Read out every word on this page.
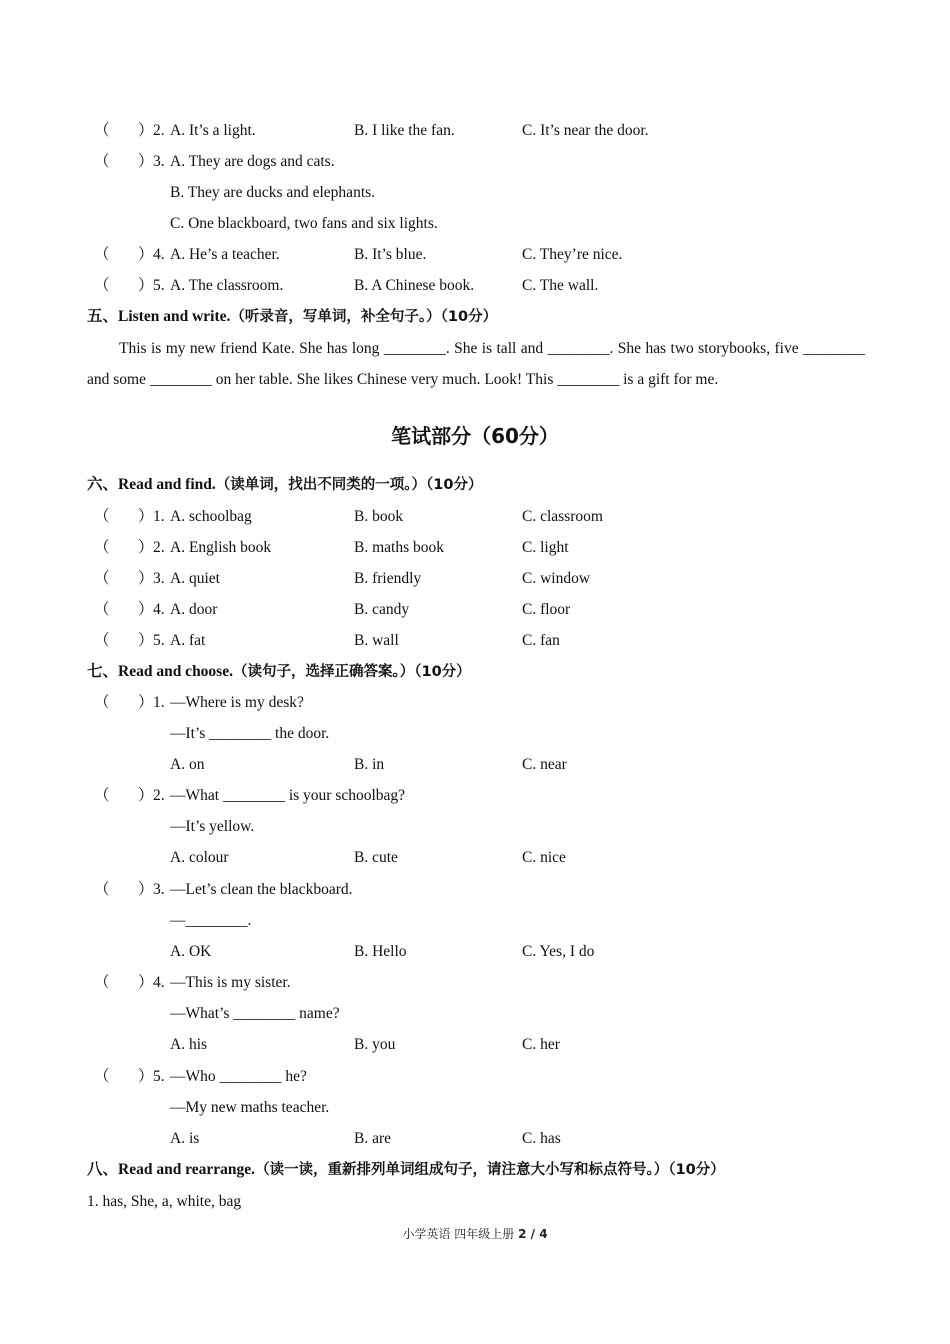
（ ） 2. A. It’s a light.	B. I like the fan.	C. It’s near the door.
（ ） 3. A. They are dogs and cats.
B. They are ducks and elephants.
C. One blackboard, two fans and six lights.
（ ） 4. A. He’s a teacher.	B. It’s blue.	C. They’re nice.
（ ） 5. A. The classroom.	B. A Chinese book.	C. The wall.
五、Listen and write.（听录音，写单词，补全句子。）（10分）
This is my new friend Kate. She has long ________. She is tall and ________. She has two storybooks, five ________ and some ________ on her table. She likes Chinese very much. Look! This ________ is a gift for me.
笔试部分（60分）
六、Read and find.（读单词，找出不同类的一项。）（10分）
（ ） 1. A. schoolbag	B. book	C. classroom
（ ） 2. A. English book	B. maths book	C. light
（ ） 3. A. quiet	B. friendly	C. window
（ ） 4. A. door	B. candy	C. floor
（ ） 5. A. fat	B. wall	C. fan
七、Read and choose.（读句子，选择正确答案。）（10分）
（ ） 1. —Where is my desk?
—It’s ________ the door.
A. on	B. in	C. near
（ ） 2. —What ________ is your schoolbag?
—It’s yellow.
A. colour	B. cute	C. nice
（ ） 3. —Let’s clean the blackboard.
—________.
A. OK	B. Hello	C. Yes, I do
（ ） 4. —This is my sister.
—What’s ________ name?
A. his	B. you	C. her
（ ） 5. —Who ________ he?
—My new maths teacher.
A. is	B. are	C. has
八、Read and rearrange.（读一读，重新排列单词组成句子，请注意大小写和标点符号。）（10分）
1. has, She, a, white, bag
小学英语 四年级上册 2 / 4
